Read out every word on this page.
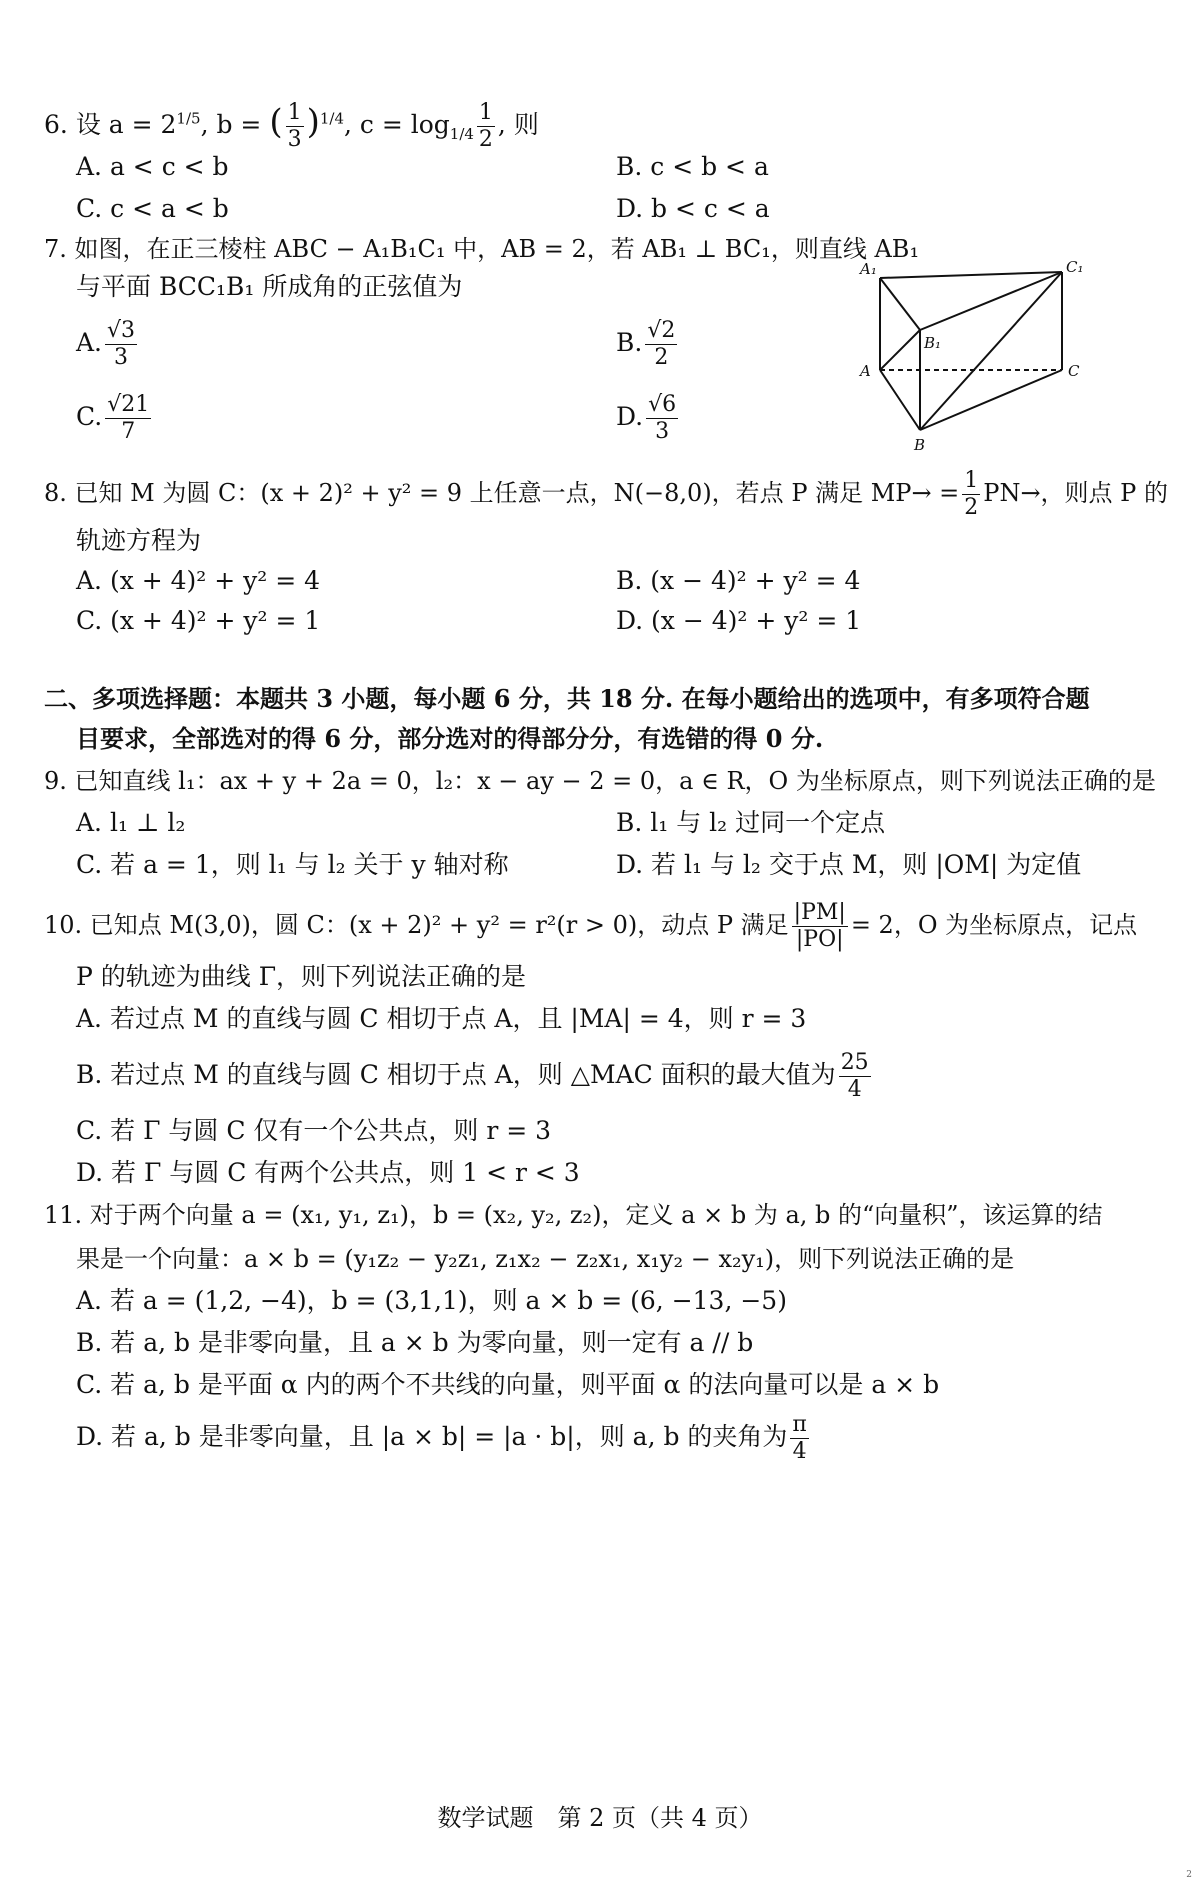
6. 设 $a = 2^{1/5}$, b = ( $\frac{1}{3} )^{1/4}$, $c = \log_{1/4} \frac{1}{2}$ , 则
A. a < c < b	B. c < b < a
C. c < a < b	D. b < c < a
7. 如图，在正三棱柱 ABC − A₁B₁C₁ 中，AB = 2，若 AB₁ ⊥ BC₁，则直线 AB₁
与平面 BCC₁B₁ 所成角的正弦值为
A. $\frac{√3}{3}$	B. $\frac{√2}{2}$
C. $\frac{√21}{7}$	D. $\frac{√6}{3}$
A₁	C₁
B₁
A	C
B
8. 已知 M 为圆 C：(x + 2)² + y² = 9 上任意一点，N(−8,0)，若点 P 满足 $MP\to = \frac{1}{2} PN\to$，则点 P 的
轨迹方程为
A. (x + 4)² + y² = 4	B. (x − 4)² + y² = 4
C. (x + 4)² + y² = 1	D. (x − 4)² + y² = 1
二、多项选择题：本题共 3 小题，每小题 6 分，共 18 分. 在每小题给出的选项中，有多项符合题
目要求，全部选对的得 6 分，部分选对的得部分分，有选错的得 0 分.
9. 已知直线 l₁：ax + y + 2a = 0，l₂：x − ay − 2 = 0，a ∈ R，O 为坐标原点，则下列说法正确的是
A. l₁ ⊥ l₂	B. l₁ 与 l₂ 过同一个定点
C. 若 a = 1，则 l₁ 与 l₂ 关于 y 轴对称	D. 若 l₁ 与 l₂ 交于点 M，则 |OM| 为定值
10. 已知点 M(3,0)，圆 C：(x + 2)² + y² = r²(r > 0)，动点 P 满足 $\frac{|PM|}{|PO|} = 2$，O 为坐标原点，记点
P 的轨迹为曲线 Γ，则下列说法正确的是
A. 若过点 M 的直线与圆 C 相切于点 A，且 |MA| = 4，则 r = 3
B. 若过点 M 的直线与圆 C 相切于点 A，则 △MAC 面积的最大值为 $\frac{25}{4}$
C. 若 Γ 与圆 C 仅有一个公共点，则 r = 3
D. 若 Γ 与圆 C 有两个公共点，则 1 < r < 3
11. 对于两个向量 a = (x₁, y₁, z₁)，b = (x₂, y₂, z₂)，定义 a × b 为 a, b 的“向量积”，该运算的结
果是一个向量：a × b = (y₁z₂ − y₂z₁, z₁x₂ − z₂x₁, x₁y₂ − x₂y₁)，则下列说法正确的是
A. 若 a = (1,2, −4)，b = (3,1,1)，则 a × b = (6, −13, −5)
B. 若 a, b 是非零向量，且 a × b 为零向量，则一定有 a // b
C. 若 a, b 是平面 α 内的两个不共线的向量，则平面 α 的法向量可以是 a × b
D. 若 a, b 是非零向量，且 |a × b| = |a · b|，则 a, b 的夹角为 $\frac{\pi}{4}$
数学试题　第 2 页（共 4 页）
2
